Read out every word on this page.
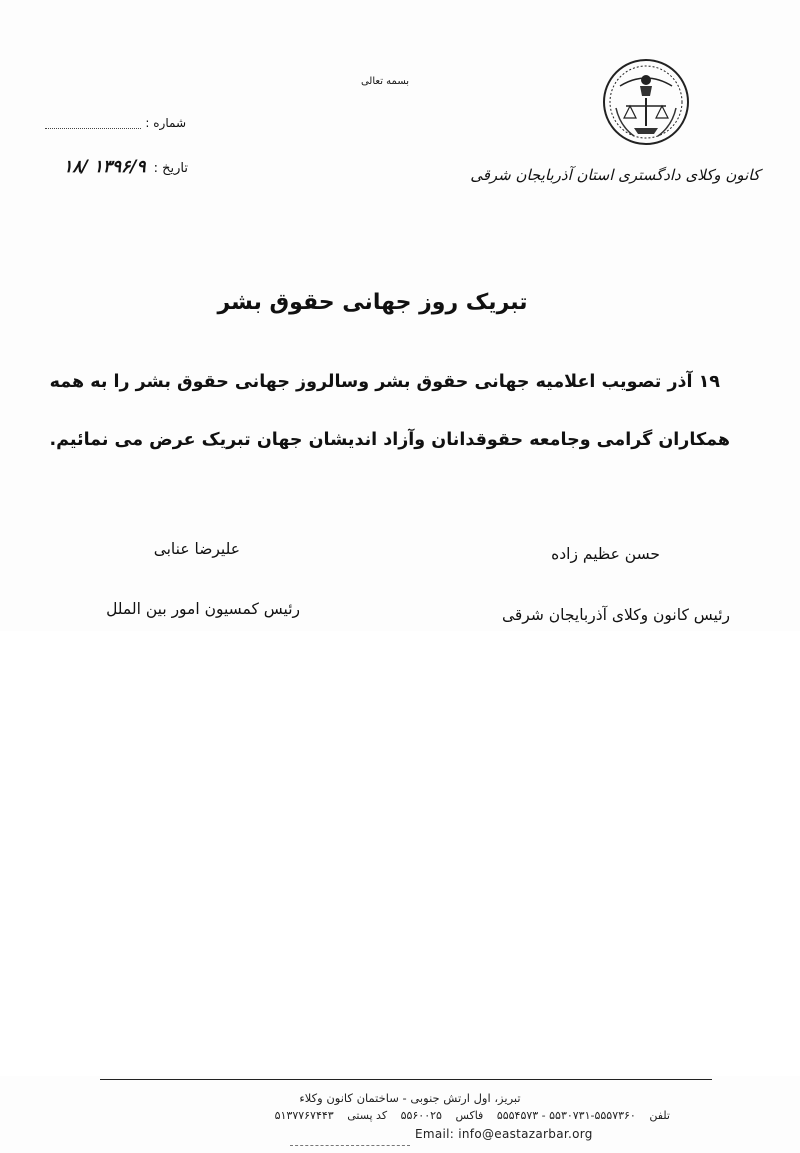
بسمه تعالی
شماره :
تاریخ :۱۳۹۶/۹ /۱۸	کانون وکلای دادگستری استان آذربایجان شرقی
تبریک روز جهانی حقوق بشر
۱۹ آذر تصویب اعلامیه جهانی حقوق بشر وسالروز جهانی حقوق بشر را به همه
همکاران گرامی وجامعه حقوقدانان وآزاد اندیشان جهان تبریک عرض می نمائیم.
علیرضا عنابی	حسن عظیم زاده
رئیس کمسیون امور بین الملل	رئیس کانون وکلای آذربایجان شرقی
تبریز، اول ارتش جنوبی - ساختمان کانون وکلاء
تلفن ۵۵۵۷۳۶۰-۵۵۳۰۷۳۱ - ۵۵۵۴۵۷۳ فاکس ۵۵۶۰۰۲۵ کد پستی ۵۱۳۷۷۶۷۴۴۳
Email: info@eastazarbar.org
